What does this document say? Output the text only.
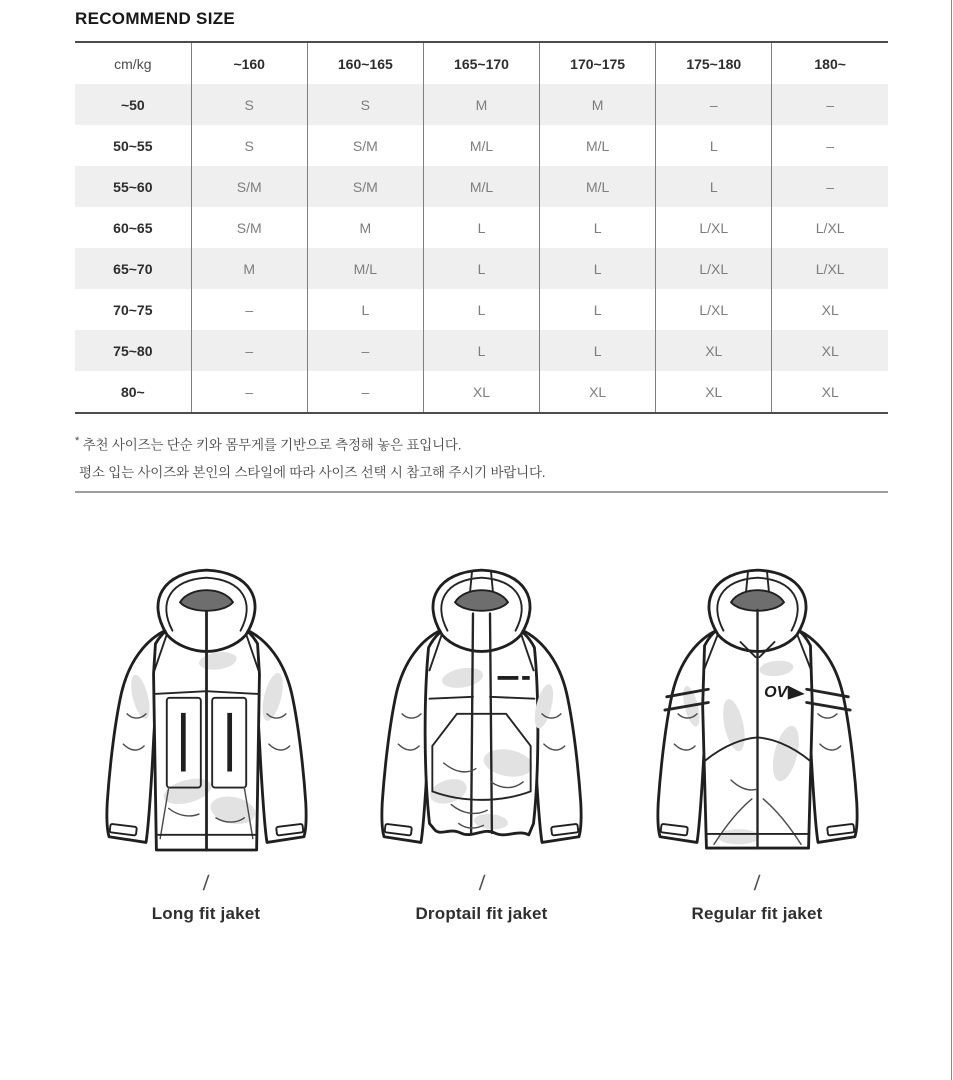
RECOMMEND SIZE
cm/kg	~160	160~165	165~170	170~175	175~180	180~
~50	S	S	M	M	–	–
50~55	S	S/M	M/L	M/L	L	–
55~60	S/M	S/M	M/L	M/L	L	–
60~65	S/M	M	L	L	L/XL	L/XL
65~70	M	M/L	L	L	L/XL	L/XL
70~75	–	L	L	L	L/XL	XL
75~80	–	–	L	L	XL	XL
80~	–	–	XL	XL	XL	XL

* 추천 사이즈는 단순 키와 몸무게를 기반으로 측정해 놓은 표입니다.
평소 입는 사이즈와 본인의 스타일에 따라 사이즈 선택 시 참고해 주시기 바랍니다.

/
Long fit jaket
/
Droptail fit jaket
OV
/
Regular fit jaket
